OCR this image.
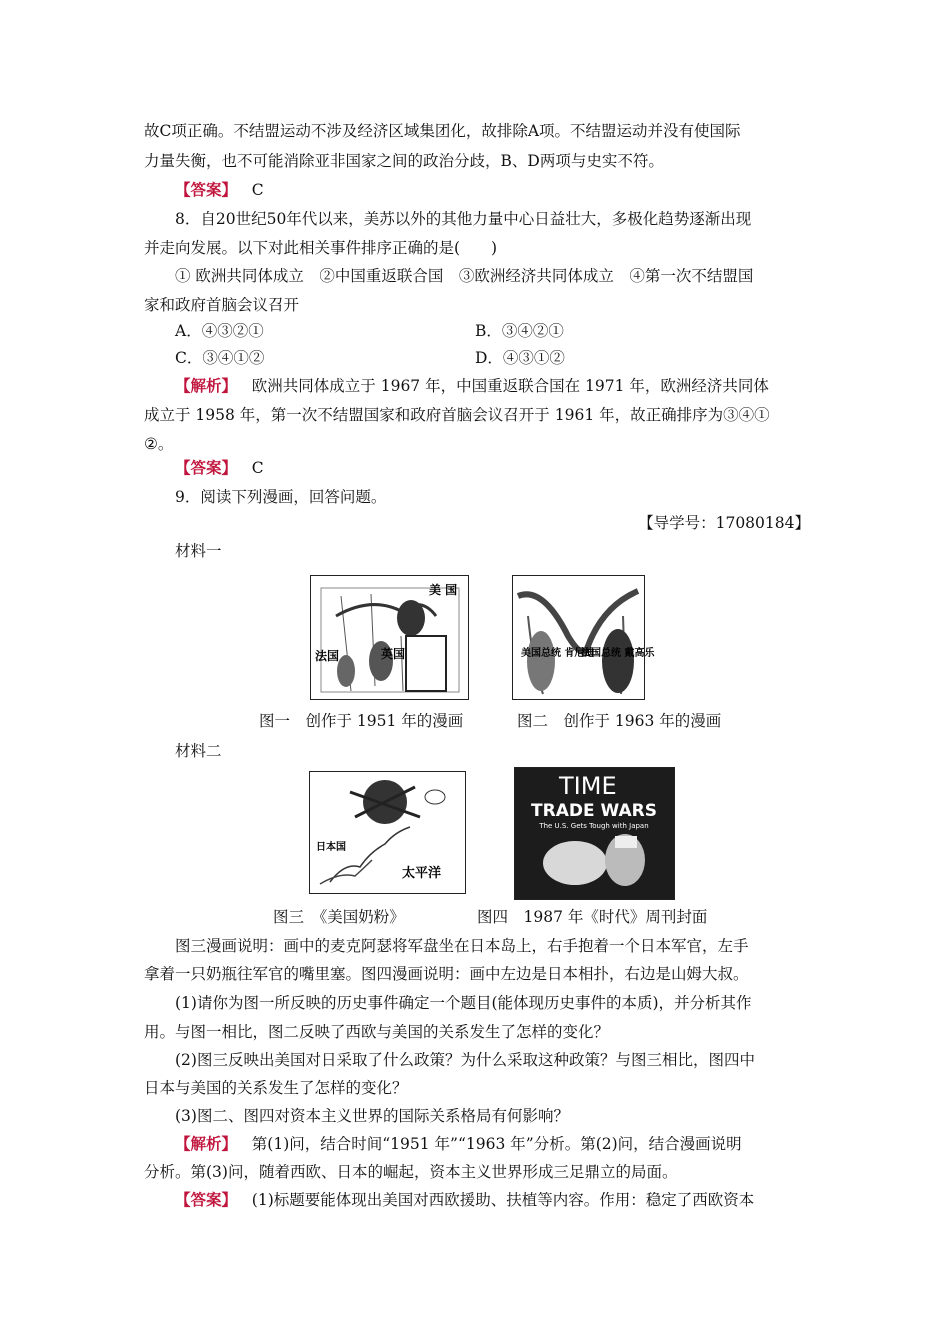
故C项正确。不结盟运动不涉及经济区域集团化，故排除A项。不结盟运动并没有使国际
力量失衡，也不可能消除亚非国家之间的政治分歧，B、D两项与史实不符。
【答案】 C
8．自20世纪50年代以来，美苏以外的其他力量中心日益壮大，多极化趋势逐渐出现
并走向发展。以下对此相关事件排序正确的是(　　)
① 欧洲共同体成立　②中国重返联合国　③欧洲经济共同体成立　④第一次不结盟国
家和政府首脑会议召开
A．④③②①	B．③④②①
C．③④①②	D．④③①②
【解析】 欧洲共同体成立于 1967 年，中国重返联合国在 1971 年，欧洲经济共同体
成立于 1958 年，第一次不结盟国家和政府首脑会议召开于 1961 年，故正确排序为③④①
②。
【答案】 C
9．阅读下列漫画，回答问题。
【导学号：17080184】
材料一
美 国
法国	英国	美国总统 肯尼迪
法国总统 戴高乐
图一　创作于 1951 年的漫画	图二　创作于 1963 年的漫画
材料二
日本国
太平洋
TIME
TRADE WARS
The U.S. Gets Tough with Japan
图三　《美国奶粉》	图四　1987 年《时代》周刊封面
图三漫画说明：画中的麦克阿瑟将军盘坐在日本岛上，右手抱着一个日本军官，左手
拿着一只奶瓶往军官的嘴里塞。图四漫画说明：画中左边是日本相扑，右边是山姆大叔。
(1)请你为图一所反映的历史事件确定一个题目(能体现历史事件的本质)，并分析其作
用。与图一相比，图二反映了西欧与美国的关系发生了怎样的变化？
(2)图三反映出美国对日采取了什么政策？为什么采取这种政策？与图三相比，图四中
日本与美国的关系发生了怎样的变化？
(3)图二、图四对资本主义世界的国际关系格局有何影响？
【解析】 第(1)问，结合时间“1951 年”“1963 年”分析。第(2)问，结合漫画说明
分析。第(3)问，随着西欧、日本的崛起，资本主义世界形成三足鼎立的局面。
【答案】 (1)标题要能体现出美国对西欧援助、扶植等内容。作用：稳定了西欧资本
